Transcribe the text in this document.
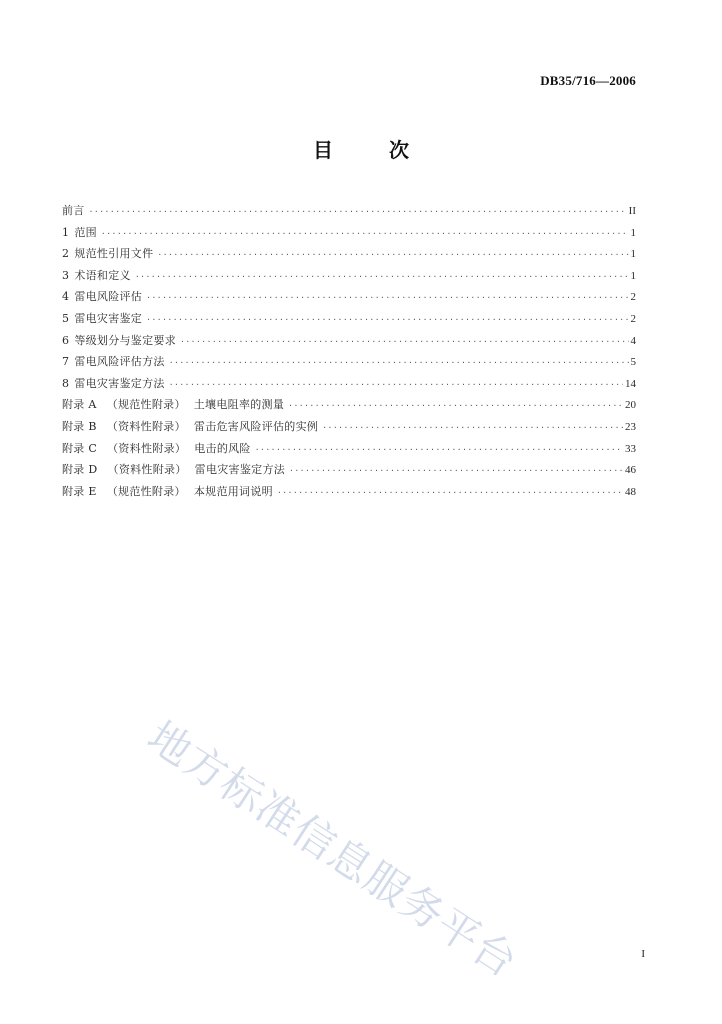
DB35/716—2006
目	次
前言 ·····	II
1 范围 ·····	1
2 规范性引用文件 ·····	1
3 术语和定义 ·····	1
4 雷电风险评估 ·····	2
5 雷电灾害鉴定 ·····	2
6 等级划分与鉴定要求 ·····	4
7 雷电风险评估方法 ·····	5
8 雷电灾害鉴定方法 ·····	14
附录 A （规范性附录） 土壤电阻率的测量 ·····	20
附录 B （资料性附录） 雷击危害风险评估的实例 ·····	23
附录 C （资料性附录） 电击的风险 ·····	33
附录 D （资料性附录） 雷电灾害鉴定方法 ·····	46
附录 E （规范性附录） 本规范用词说明 ·····	48
地方标准信息服务平台	I
